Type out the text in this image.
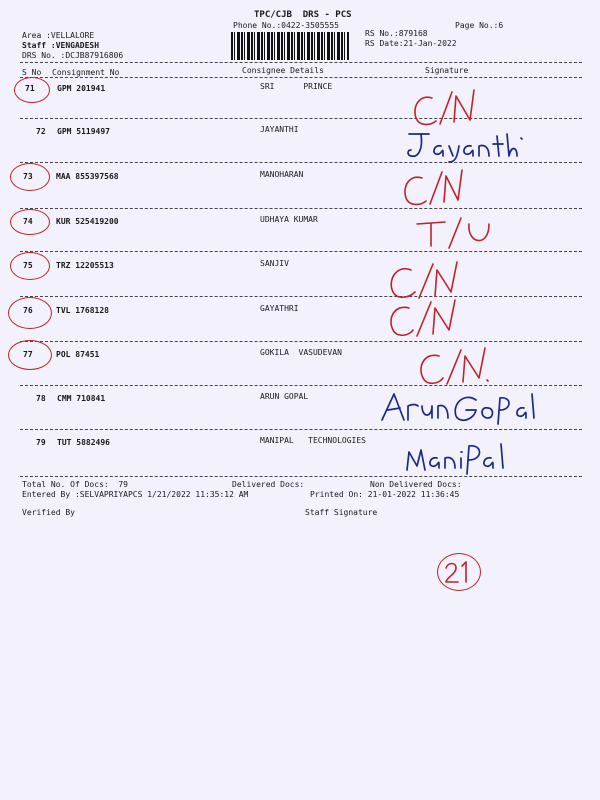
TPC/CJB  DRS - PCS
Phone No.:0422-3505555	Page No.:6
Area :VELLALORE
Staff :VENGADESH
DRS No. :DCJB87916806
RS No.:879168
RS Date:21-Jan-2022
S No Consignment No	Consignee Details	Signature
71	GPM 201941	SRI      PRINCE
72 GPM 5119497	JAYANTHI
73	MAA 855397568	MANOHARAN
74	KUR 525419200	UDHAYA KUMAR
75	TRZ 12205513	SANJIV
76	TVL 1768128	GAYATHRI
77	POL 87451	GOKILA  VASUDEVAN
78 CMM 710841	ARUN GOPAL
79 TUT 5882496	MANIPAL   TECHNOLOGIES
Total No. Of Docs:  79	Delivered Docs:	Non Delivered Docs:
Entered By :SELVAPRIYAPCS 1/21/2022 11:35:12 AM	Printed On: 21-01-2022 11:36:45
Verified By	Staff Signature
21
